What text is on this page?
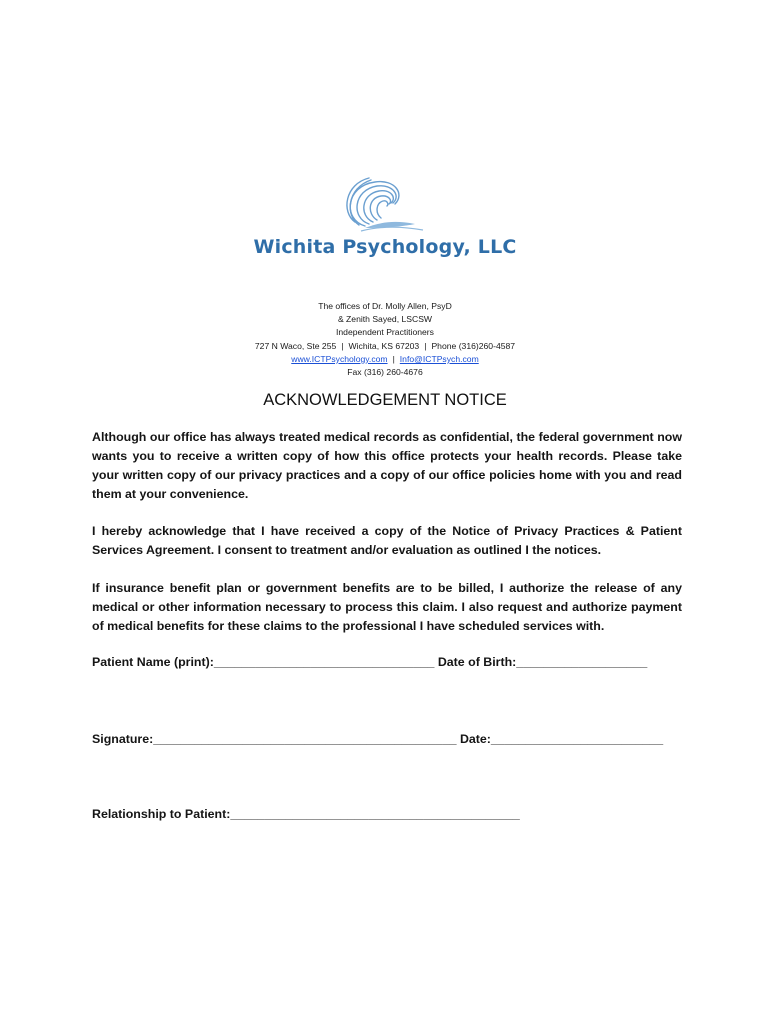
Wichita Psychology, LLC
The offices of Dr. Molly Allen, PsyD
& Zenith Sayed, LSCSW
Independent Practitioners
727 N Waco, Ste 255 | Wichita, KS 67203 | Phone (316)260-4587
www.ICTPsychology.com | Info@ICTPsych.com
Fax (316) 260-4676
ACKNOWLEDGEMENT NOTICE
Although our office has always treated medical records as confidential, the federal government now wants you to receive a written copy of how this office protects your health records. Please take your written copy of our privacy practices and a copy of our office policies home with you and read them at your convenience.
I hereby acknowledge that I have received a copy of the Notice of Privacy Practices & Patient Services Agreement. I consent to treatment and/or evaluation as outlined I the notices.
If insurance benefit plan or government benefits are to be billed, I authorize the release of any medical or other information necessary to process this claim. I also request and authorize payment of medical benefits for these claims to the professional I have scheduled services with.
Patient Name (print):________________________________ Date of Birth:___________________
Signature:____________________________________________ Date:_________________________
Relationship to Patient:__________________________________________
